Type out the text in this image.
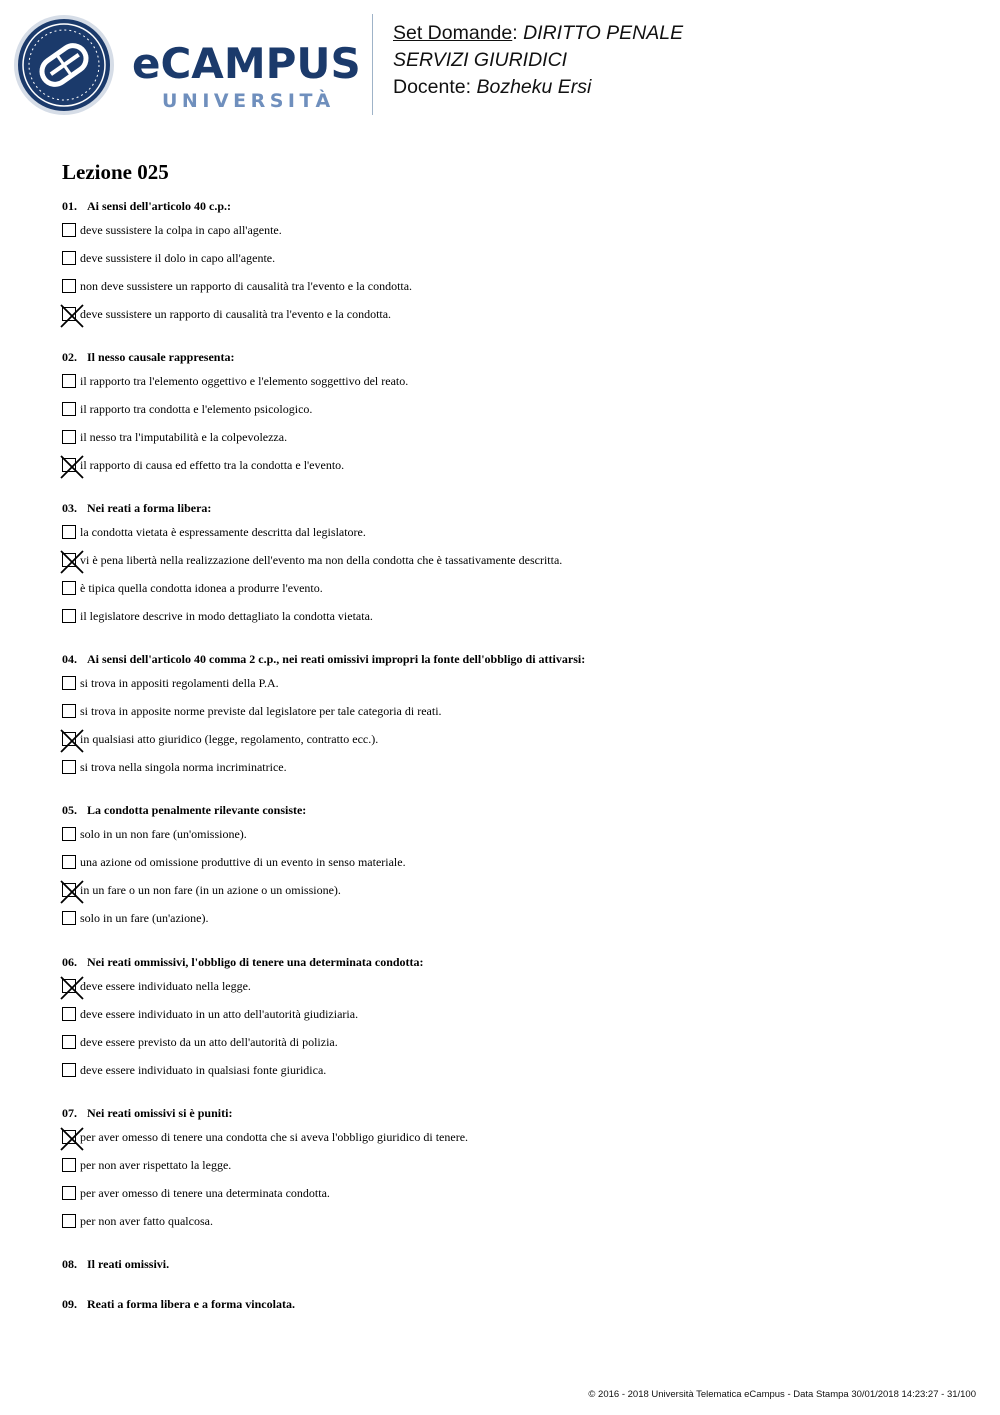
eCAMPUS
UNIVERSITÀ
Set Domande: DIRITTO PENALE
SERVIZI GIURIDICI
Docente: Bozheku Ersi
Lezione 025
01. Ai sensi dell'articolo 40 c.p.:
deve sussistere la colpa in capo all'agente.
deve sussistere il dolo in capo all'agente.
non deve sussistere un rapporto di causalità tra l'evento e la condotta.
deve sussistere un rapporto di causalità tra l'evento e la condotta.
02. Il nesso causale rappresenta:
il rapporto tra l'elemento oggettivo e l'elemento soggettivo del reato.
il rapporto tra condotta e l'elemento psicologico.
il nesso tra l'imputabilità e la colpevolezza.
il rapporto di causa ed effetto tra la condotta e l'evento.
03. Nei reati a forma libera:
la condotta vietata è espressamente descritta dal legislatore.
vi è pena libertà nella realizzazione dell'evento ma non della condotta che è tassativamente descritta.
è tipica quella condotta idonea a produrre l'evento.
il legislatore descrive in modo dettagliato la condotta vietata.
04. Ai sensi dell'articolo 40 comma 2 c.p., nei reati omissivi impropri la fonte dell'obbligo di attivarsi:
si trova in appositi regolamenti della P.A.
si trova in apposite norme previste dal legislatore per tale categoria di reati.
in qualsiasi atto giuridico (legge, regolamento, contratto ecc.).
si trova nella singola norma incriminatrice.
05. La condotta penalmente rilevante consiste:
solo in un non fare (un'omissione).
una azione od omissione produttive di un evento in senso materiale.
in un fare o un non fare (in un azione o un omissione).
solo in un fare (un'azione).
06. Nei reati ommissivi, l'obbligo di tenere una determinata condotta:
deve essere individuato nella legge.
deve essere individuato in un atto dell'autorità giudiziaria.
deve essere previsto da un atto dell'autorità di polizia.
deve essere individuato in qualsiasi fonte giuridica.
07. Nei reati omissivi si è puniti:
per aver omesso di tenere una condotta che si aveva l'obbligo giuridico di tenere.
per non aver rispettato la legge.
per aver omesso di tenere una determinata condotta.
per non aver fatto qualcosa.
08. Il reati omissivi.
09. Reati a forma libera e a forma vincolata.
© 2016 - 2018 Università Telematica eCampus - Data Stampa 30/01/2018 14:23:27 - 31/100
